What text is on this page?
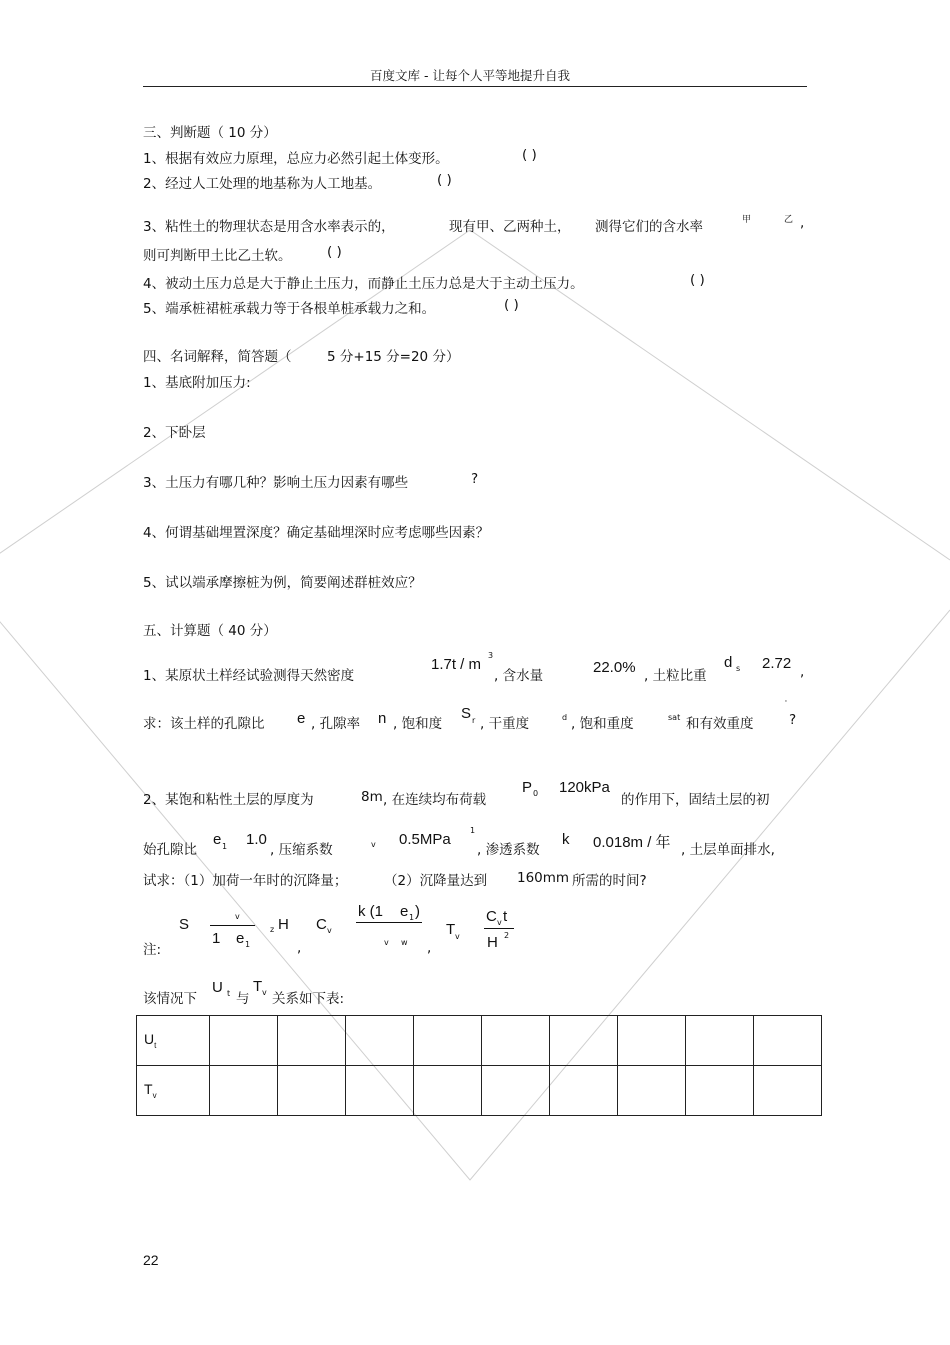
百度文库 - 让每个人平等地提升自我
三、判断题（ 10 分）
1、根据有效应力原理，总应力必然引起土体变形。	( )
2、经过人工处理的地基称为人工地基。	( )
3、粘性土的物理状态是用含水率表示的，	现有甲、乙两种土， 测得它们的含水率	甲	乙 ,
则可判断甲土比乙土软。	( )
4、被动土压力总是大于静止土压力，而静止土压力总是大于主动土压力。	( )
5、端承桩裙桩承载力等于各根单桩承载力之和。	( )
四、名词解释，简答题（	5 分+15 分=20 分）
1、基底附加压力:
2、下卧层
3、土压力有哪几种？影响土压力因素有哪些	?
4、何谓基础埋置深度？确定基础埋深时应考虑哪些因素？
5、试以端承摩擦桩为例，简要阐述群桩效应？
五、计算题（ 40 分）
1、某原状土样经试验测得天然密度
1.7t / m
3
, 含水量	22.0% , 土粒比重
d s 2.72 ,
'
求：该土样的孔隙比 e , 孔隙率 n , 饱和度
S r , 干重度	d , 饱和重度	sat 和有效重度	?
2、某饱和粘性土层的厚度为	8m , 在连续均布荷载
P 0 120kPa
的作用下，固结土层的初
始孔隙比
e 1 1.0
, 压缩系数	v 0.5MPa
1
, 渗透系数
k 0.018m / 年 , 土层单面排水,
试求：（1）加荷一年时的沉降量；	（2）沉降量达到 160mm 所需的时间?
注:
S	v
1 e 1
z H
,
C v
k (1 e 1 )
v w ,
T v
C v t
H 2
该情况下
U t 与
T v 关系如下表:
$U_t$									
$T_v$									
22
